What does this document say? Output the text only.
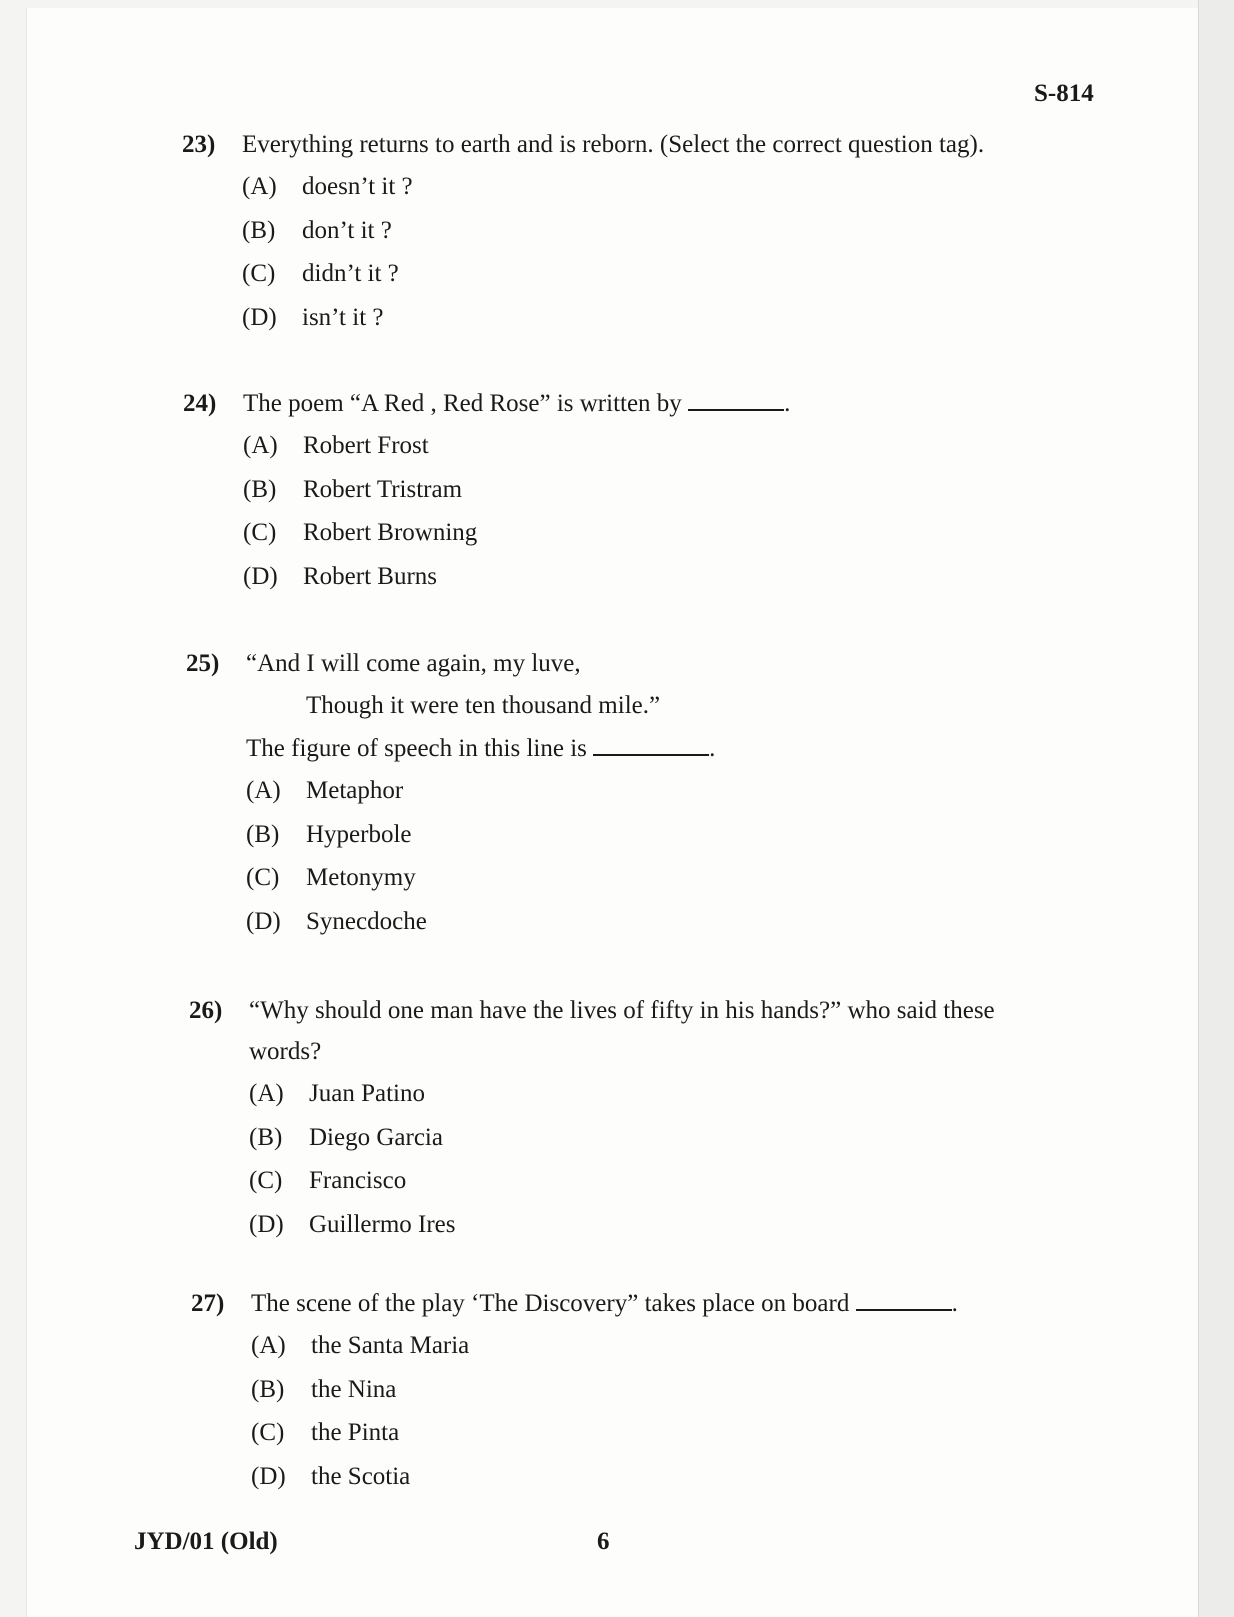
S-814

23) Everything returns to earth and is reborn. (Select the correct question tag).
(A) doesn’t it ?
(B) don’t it ?
(C) didn’t it ?
(D) isn’t it ?
24) The poem “A Red , Red Rose” is written by	.
(A) Robert Frost
(B) Robert Tristram
(C) Robert Browning
(D) Robert Burns
25) “And I will come again, my luve,
Though it were ten thousand mile.”
The figure of speech in this line is	.
(A) Metaphor
(B) Hyperbole
(C) Metonymy
(D) Synecdoche
26) “Why should one man have the lives of fifty in his hands?” who said these
words?
(A) Juan Patino
(B) Diego Garcia
(C) Francisco
(D) Guillermo Ires
27) The scene of the play ‘The Discovery” takes place on board	.
(A) the Santa Maria
(B) the Nina
(C) the Pinta
(D) the Scotia
JYD/01 (Old)	6
